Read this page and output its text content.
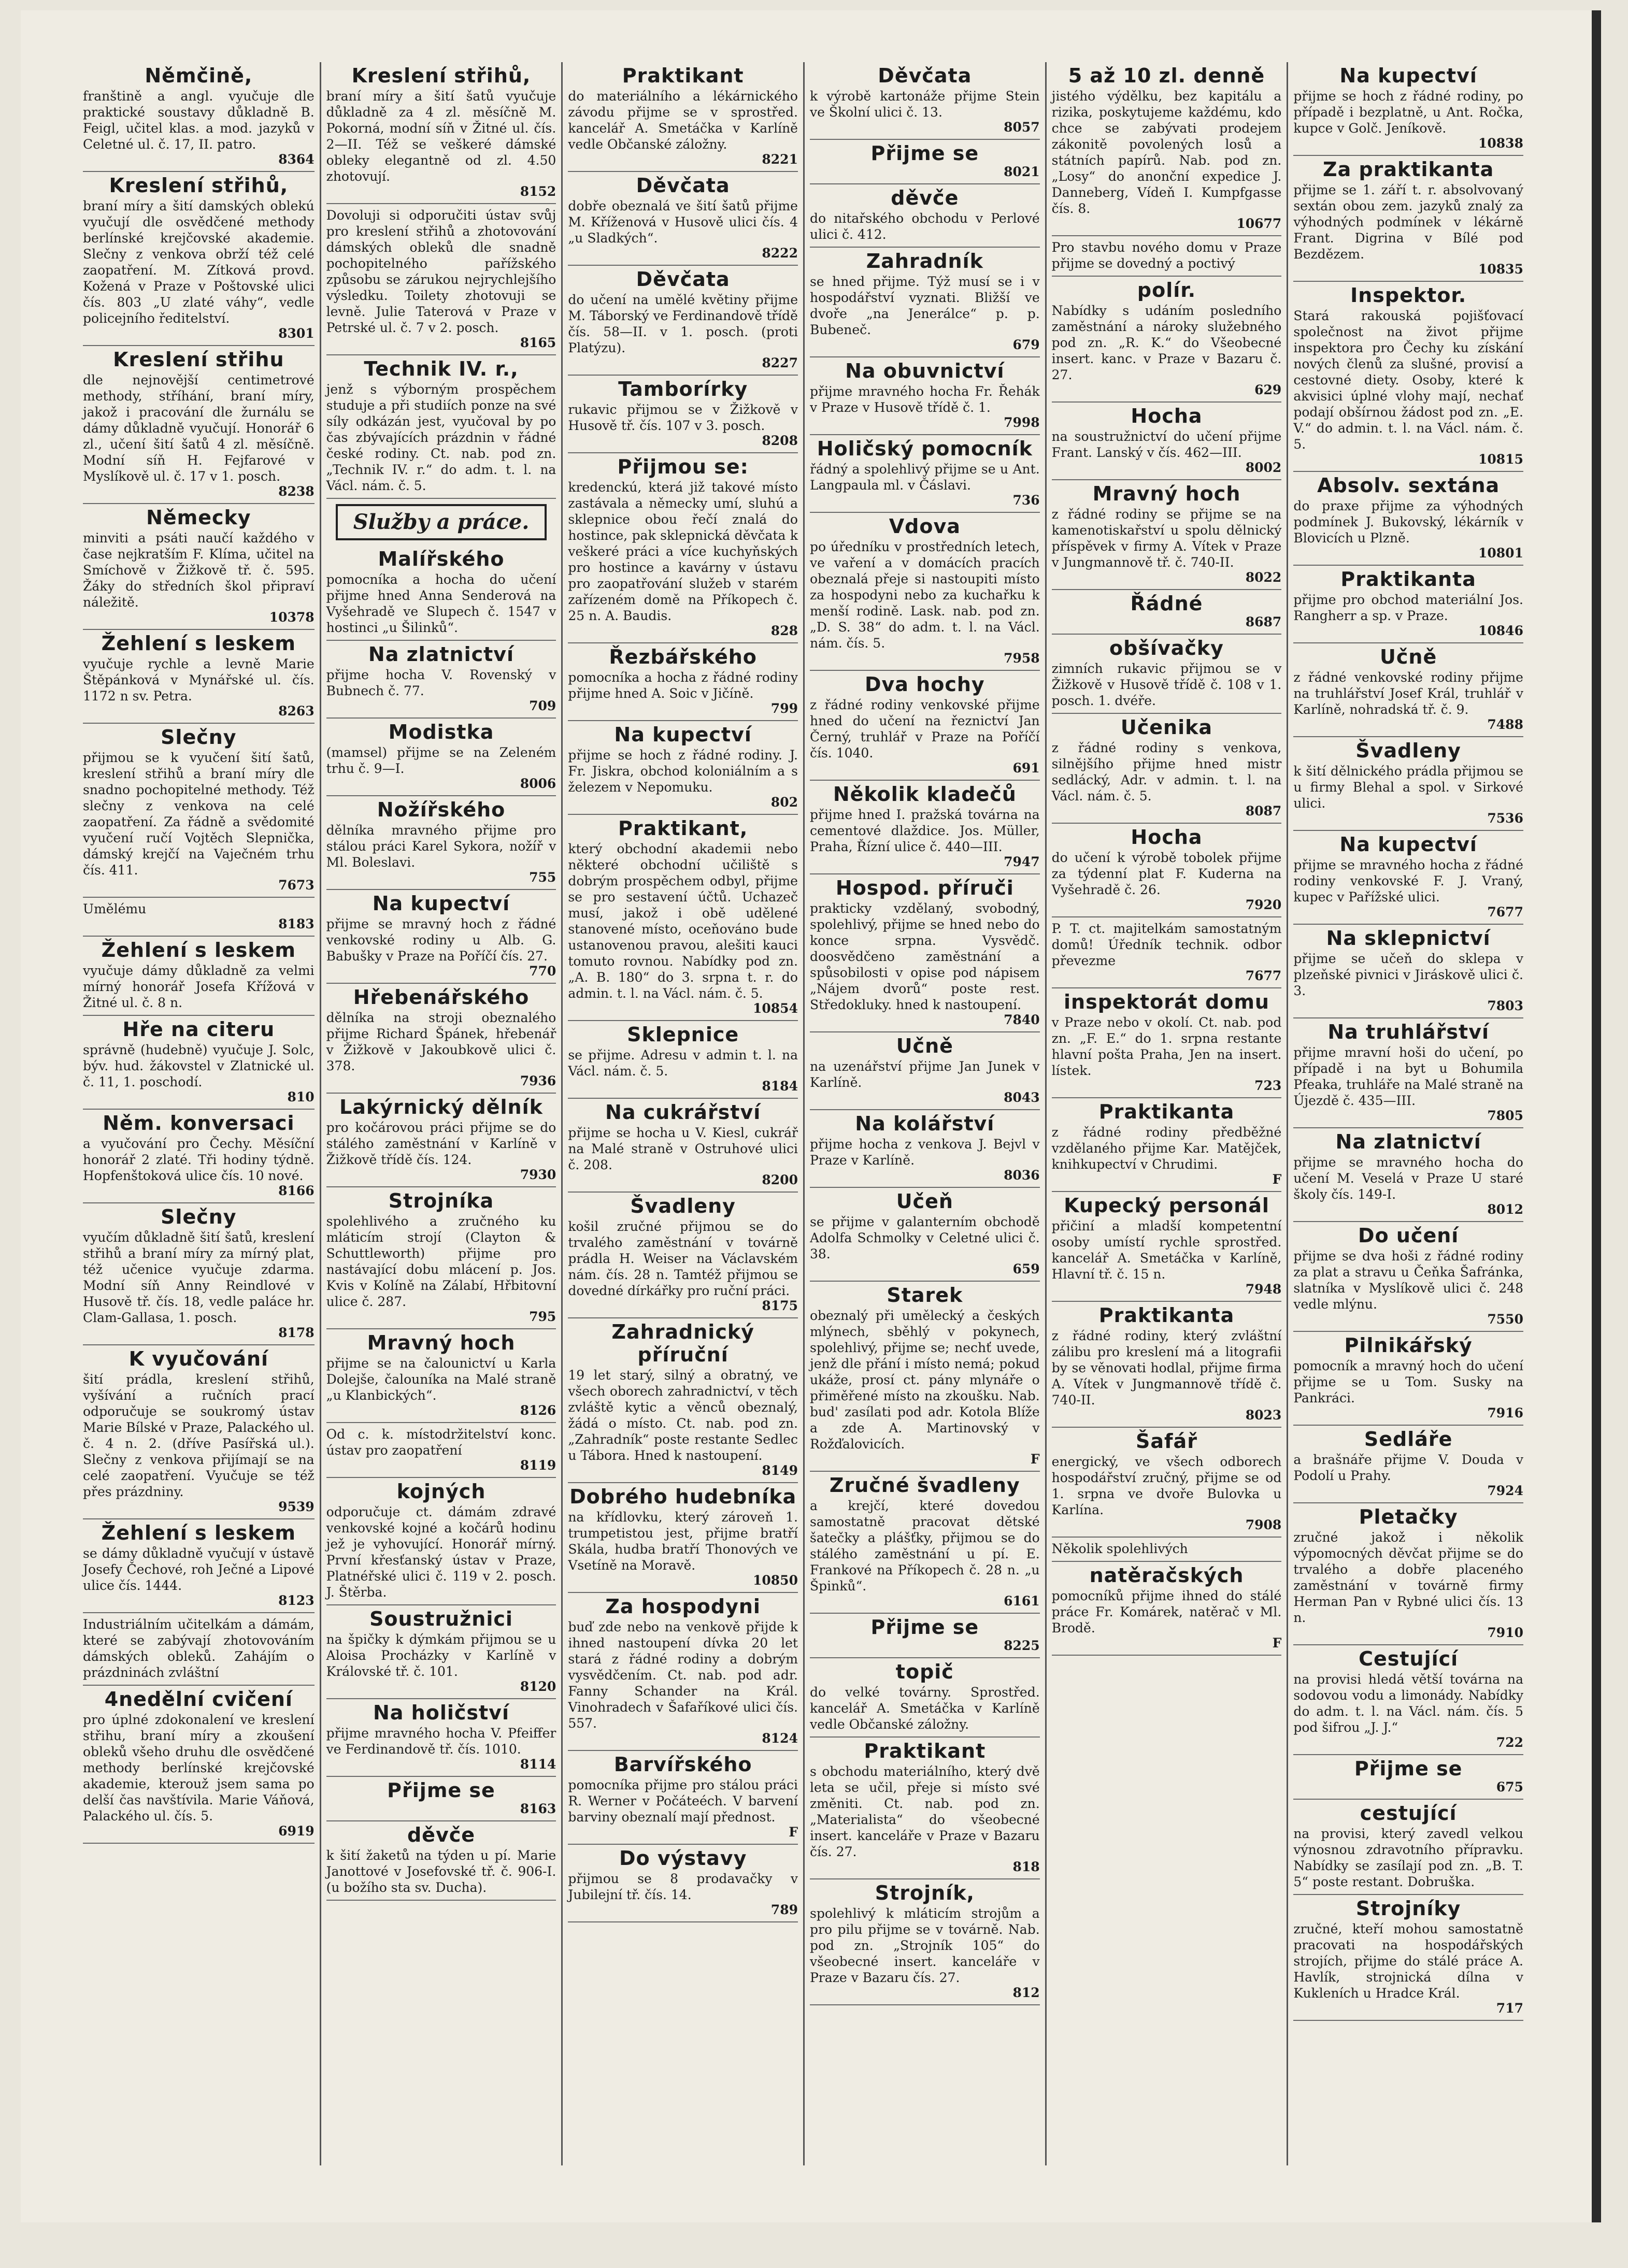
Němčině,

franštině a angl. vyučuje dle praktické soustavy důkladně B. Feigl, učitel klas. a mod. jazyků v Celetné ul. č. 17, II. patro.

8364
Kreslení střihů,

braní míry a šití damských oblekú vyučují dle osvědčené methody berlínské krejčovské akademie. Slečny z venkova obrží též celé zaopatření. M. Zítková provd. Kožená v Praze v Poštovské ulici čís. 803 „U zlaté váhy“, vedle policejního ředitelství.

8301
Kreslení střihu

dle nejnovější centimetrové methody, stříhání, braní míry, jakož i pracování dle žurnálu se dámy důkladně vyučují. Honorář 6 zl., učení šití šatů 4 zl. měsíčně. Modní síň H. Fejfarové v Myslíkově ul. č. 17 v 1. posch.

8238
Německy

minviti a psáti naučí každého v čase nejkratším F. Klíma, učitel na Smíchově v Žižkově tř. č. 595. Žáky do středních škol připraví náležitě.

10378
Žehlení s leskem

vyučuje rychle a levně Marie Štěpánková v Mynářské ul. čís. 1172 n sv. Petra.

8263
Slečny

přijmou se k vyučení šití šatů, kreslení střihů a braní míry dle snadno pochopitelné methody. Též slečny z venkova na celé zaopatření. Za řádně a svědomité vyučení ručí Vojtěch Slepnička, dámský krejčí na Vaječném trhu čís. 411.

7673

Umělému

8183
Žehlení s leskem

vyučuje dámy důkladně za velmi mírný honorář Josefa Křížová v Žitné ul. č. 8 n.

Hře na citeru

správně (hudebně) vyučuje J. Solc, býv. hud. žákovstel v Zlatnické ul. č. 11, 1. poschodí.

810
Něm. konversaci

a vyučování pro Čechy. Měsíční honorář 2 zlaté. Tři hodiny týdně. Hopfenštoková ulice čís. 10 nové.

8166
Slečny

vyučím důkladně šití šatů, kreslení střihů a braní míry za mírný plat, též učenice vyučuje zdarma. Modní síň Anny Reindlové v Husově tř. čís. 18, vedle paláce hr. Clam-Gallasa, 1. posch.

8178
K vyučování

šití prádla, kreslení střihů, vyšívání a ručních prací odporučuje se soukromý ústav Marie Bílské v Praze, Palackého ul. č. 4 n. 2. (dříve Pasířská ul.). Slečny z venkova přijímají se na celé zaopatření. Vyučuje se též přes prázdniny.

9539
Žehlení s leskem

se dámy důkladně vyučují v ústavě Josefy Čechové, roh Ječné a Lipové ulice čís. 1444.

8123

Industriálním učitelkám a dámám, které se zabývají zhotovováním dámských obleků. Zahájím o prázdninách zvláštní

4nedělní cvičení

pro úplné zdokonalení ve kreslení střihu, braní míry a zkoušení obleků všeho druhu dle osvědčené methody berlínské krejčovské akademie, kterouž jsem sama po delší čas navštívila. Marie Váňová, Palackého ul. čís. 5.

6919
Kreslení střihů,

braní míry a šití šatů vyučuje důkladně za 4 zl. měsíčně M. Pokorná, modní síň v Žitné ul. čís. 2—II. Též se veškeré dámské obleky elegantně od zl. 4.50 zhotovují.

8152

Dovoluji si odporučiti ústav svůj pro kreslení střihů a zhotovování dámských obleků dle snadně pochopitelného pařížského způsobu se zárukou nejrychlejšího výsledku. Toilety zhotovuji se levně. Julie Taterová v Praze v Petrské ul. č. 7 v 2. posch.

8165
Technik IV. r.,

jenž s výborným prospěchem studuje a při studiích ponze na své síly odkázán jest, vyučoval by po čas zbývajících prázdnin v řádné české rodiny. Ct. nab. pod zn. „Technik IV. r.“ do adm. t. l. na Václ. nám. č. 5.

Služby a práce.
Malířského

pomocníka a hocha do učení přijme hned Anna Senderová na Vyšehradě ve Slupech č. 1547 v hostinci „u Šilinků“.

Na zlatnictví

přijme hocha V. Rovenský v Bubnech č. 77.

709
Modistka

(mamsel) přijme se na Zeleném trhu č. 9—I.

8006
Nožířského

dělníka mravného přijme pro stálou práci Karel Sykora, nožíř v Ml. Boleslavi.

755
Na kupectví

přijme se mravný hoch z řádné venkovské rodiny u Alb. G. Babušky v Praze na Poříčí čís. 27.

770
Hřebenářského

dělníka na stroji obeznalého přijme Richard Špánek, hřebenář v Žižkově v Jakoubkově ulici č. 378.

7936
Lakýrnický dělník

pro kočárovou práci přijme se do stálého zaměstnání v Karlíně v Žižkově třídě čís. 124.

7930
Strojníka

spolehlivého a zručného ku mláticím strojí (Clayton & Schuttleworth) přijme pro nastávající dobu mlácení p. Jos. Kvis v Kolíně na Zálabí, Hřbitovní ulice č. 287.

795
Mravný hoch

přijme se na čalounictví u Karla Dolejše, čalouníka na Malé straně „u Klanbických“.

8126

Od c. k. místodržitelství konc. ústav pro zaopatření

8119
kojných

odporučuje ct. dámám zdravé venkovské kojné a kočárů hodinu jež je vyhovující. Honorář mírný. První křesťanský ústav v Praze, Platnéřské ulici č. 119 v 2. posch. J. Štěrba.

Soustružnici

na špičky k dýmkám přijmou se u Aloisa Procházky v Karlíně v Královské tř. č. 101.

8120
Na holičství

přijme mravného hocha V. Pfeiffer ve Ferdinandově tř. čís. 1010.

8114
Přijme se
8163
děvče

k šití žaketů na týden u pí. Marie Janottové v Josefovské tř. č. 906-I. (u božího sta sv. Ducha).

Praktikant

do materiálního a lékárnického závodu přijme se v sprostřed. kancelář A. Smetáčka v Karlíně vedle Občanské záložny.

8221
Děvčata

dobře obeznalá ve šití šatů přijme M. Kříženová v Husově ulici čís. 4 „u Sladkých“.

8222
Děvčata

do učení na umělé květiny přijme M. Táborský ve Ferdinandově třídě čís. 58—II. v 1. posch. (proti Platýzu).

8227
Tamborírky

rukavic přijmou se v Žižkově v Husově tř. čís. 107 v 3. posch.

8208
Přijmou se:

kredenckú, která již takové místo zastávala a německy umí, sluhú a sklepnice obou řečí znalá do hostince, pak sklepnická děvčata k veškeré práci a více kuchyňských pro hostince a kavárny v ústavu pro zaopatřování služeb v starém zařízeném domě na Příkopech č. 25 n. A. Baudis.

828
Řezbářského

pomocníka a hocha z řádné rodiny přijme hned A. Soic v Jičíně.

799
Na kupectví

přijme se hoch z řádné rodiny. J. Fr. Jiskra, obchod koloniálním a s železem v Nepomuku.

802
Praktikant,

který obchodní akademii nebo některé obchodní učiliště s dobrým prospěchem odbyl, přijme se pro sestavení účtů. Uchazeč musí, jakož i obě udělené stanovené místo, oceňováno bude ustanovenou pravou, alešiti kauci tomuto rovnou. Nabídky pod zn. „A. B. 180“ do 3. srpna t. r. do admin. t. l. na Václ. nám. č. 5.

10854
Sklepnice

se přijme. Adresu v admin t. l. na Václ. nám. č. 5.

8184
Na cukrářství

přijme se hocha u V. Kiesl, cukrář na Malé straně v Ostruhové ulici č. 208.

8200
Švadleny

košil zručné přijmou se do trvalého zaměstnání v továrně prádla H. Weiser na Václavském nám. čís. 28 n. Tamtéž přijmou se dovedné dírkářky pro ruční práci.

8175
Zahradnický příruční

19 let starý, silný a obratný, ve všech oborech zahradnictví, v těch zvláště kytic a věnců obeznalý, žádá o místo. Ct. nab. pod zn. „Zahradník“ poste restante Sedlec u Tábora. Hned k nastoupení.

8149
Dobrého hudebníka

na křídlovku, který zároveň 1. trumpetistou jest, přijme bratří Skála, hudba bratří Thonových ve Vsetíně na Moravě.

10850
Za hospodyni

buď zde nebo na venkově přijde k ihned nastoupení dívka 20 let stará z řádné rodiny a dobrým vysvědčením. Ct. nab. pod adr. Fanny Schander na Král. Vinohradech v Šafaříkové ulici čís. 557.

8124
Barvířského

pomocníka přijme pro stálou práci R. Werner v Počáteéch. V barvení barviny obeznalí mají přednost.

F
Do výstavy

přijmou se 8 prodavačky v Jubilejní tř. čís. 14.

789
Děvčata

k výrobě kartonáže přijme Stein ve Školní ulici č. 13.

8057
Přijme se
8021
děvče

do nitařského obchodu v Perlové ulici č. 412.

Zahradník

se hned přijme. Týž musí se i v hospodářství vyznati. Bližší ve dvoře „na Jenerálce“ p. p. Bubeneč.

679
Na obuvnictví

přijme mravného hocha Fr. Řehák v Praze v Husově třídě č. 1.

7998
Holičský pomocník

řádný a spolehlivý přijme se u Ant. Langpaula ml. v Čáslavi.

736
Vdova

po úředníku v prostředních letech, ve vaření a v domácích pracích obeznalá přeje si nastoupiti místo za hospodyni nebo za kuchařku k menší rodině. Lask. nab. pod zn. „D. S. 38“ do adm. t. l. na Václ. nám. čís. 5.

7958
Dva hochy

z řádné rodiny venkovské přijme hned do učení na řeznictví Jan Černý, truhlář v Praze na Poříčí čís. 1040.

691
Několik kladečů

přijme hned I. pražská továrna na cementové dlaždice. Jos. Müller, Praha, Řízní ulice č. 440—III.

7947
Hospod. příruči

prakticky vzdělaný, svobodný, spolehlivý, přijme se hned nebo do konce srpna. Vysvědč. doosvědčeno zaměstnání a spůsobilosti v opise pod nápisem „Nájem dvorů“ poste rest. Středokluky. hned k nastoupení.

7840
Učně

na uzenářství přijme Jan Junek v Karlíně.

8043
Na kolářství

přijme hocha z venkova J. Bejvl v Praze v Karlíně.

8036
Učeň

se přijme v galanterním obchodě Adolfa Schmolky v Celetné ulici č. 38.

659
Starek

obeznalý při umělecký a českých mlýnech, sběhlý v pokynech, spolehlivý, přijme se; nechť uvede, jenž dle přání i místo nemá; pokud ukáže, prosí ct. pány mlynáře o přiměřené místo na zkoušku. Nab. bud' zasílati pod adr. Kotola Blíže a zde A. Martinovský v Rožďalovicích.

F
Zručné švadleny

a krejčí, které dovedou samostatně pracovat dětské šatečky a plášťky, přijmou se do stálého zaměstnání u pí. E. Frankové na Příkopech č. 28 n. „u Špinků“.

6161
Přijme se
8225
topič

do velké továrny. Sprostřed. kancelář A. Smetáčka v Karlíně vedle Občanské záložny.

Praktikant

s obchodu materiálního, který dvě leta se učil, přeje si místo své změniti. Ct. nab. pod zn. „Materialista“ do všeobecné insert. kanceláře v Praze v Bazaru čís. 27.

818
Strojník,

spolehlivý k mláticím strojům a pro pilu přijme se v továrně. Nab. pod zn. „Strojník 105“ do všeobecné insert. kanceláře v Praze v Bazaru čís. 27.

812
5 až 10 zl. denně

jistého výdělku, bez kapitálu a rizika, poskytujeme každému, kdo chce se zabývati prodejem zákonitě povolených losů a státních papírů. Nab. pod zn. „Losy“ do anonční expedice J. Danneberg, Vídeň I. Kumpfgasse čís. 8.

10677

Pro stavbu nového domu v Praze přijme se dovedný a poctivý

polír.

Nabídky s udáním posledního zaměstnání a nároky služebného pod zn. „R. K.“ do Všeobecné insert. kanc. v Praze v Bazaru č. 27.

629
Hocha

na soustružnictví do učení přijme Frant. Lanský v čís. 462—III.

8002
Mravný hoch

z řádné rodiny se přijme se na kamenotiskařství u spolu dělnický příspěvek v firmy A. Vítek v Praze v Jungmannově tř. č. 740-II.

8022
Řádné
8687
obšívačky

zimních rukavic přijmou se v Žižkově v Husově třídě č. 108 v 1. posch. 1. dvéře.

Učenika

z řádné rodiny s venkova, silnějšího přijme hned mistr sedlácký, Adr. v admin. t. l. na Václ. nám. č. 5.

8087
Hocha

do učení k výrobě tobolek přijme za týdenní plat F. Kuderna na Vyšehradě č. 26.

7920

P. T. ct. majitelkám samostatným domů! Úředník technik. odbor převezme

7677
inspektorát domu

v Praze nebo v okolí. Ct. nab. pod zn. „F. E.“ do 1. srpna restante hlavní pošta Praha, Jen na insert. lístek.

723
Praktikanta

z řádné rodiny předběžné vzdělaného přijme Kar. Matějček, knihkupectví v Chrudimi.

F
Kupecký personál

přičiní a mladší kompetentní osoby umístí rychle sprostřed. kancelář A. Smetáčka v Karlíně, Hlavní tř. č. 15 n.

7948
Praktikanta

z řádné rodiny, který zvláštní zálibu pro kreslení má a litografii by se věnovati hodlal, přijme firma A. Vítek v Jungmannově třídě č. 740-II.

8023
Šafář

energický, ve všech odborech hospodářství zručný, přijme se od 1. srpna ve dvoře Bulovka u Karlína.

7908

Několik spolehlivých

natěračských

pomocníků přijme ihned do stálé práce Fr. Komárek, natěrač v Ml. Brodě.

F
Na kupectví

přijme se hoch z řádné rodiny, po případě i bezplatně, u Ant. Ročka, kupce v Golč. Jeníkově.

10838
Za praktikanta

přijme se 1. září t. r. absolvovaný sextán obou zem. jazyků znalý za výhodných podmínek v lékárně Frant. Digrina v Bílé pod Bezdězem.

10835
Inspektor.

Stará rakouská pojišťovací společnost na život přijme inspektora pro Čechy ku získání nových členů za slušné, provisí a cestovné diety. Osoby, které k akvisici úplné vlohy mají, nechať podají obšírnou žádost pod zn. „E. V.“ do admin. t. l. na Václ. nám. č. 5.

10815
Absolv. sextána

do praxe přijme za výhodných podmínek J. Bukovský, lékárník v Blovicích u Plzně.

10801
Praktikanta

přijme pro obchod materiální Jos. Rangherr a sp. v Praze.

10846
Učně

z řádné venkovské rodiny přijme na truhlářství Josef Král, truhlář v Karlíně, nohradská tř. č. 9.

7488
Švadleny

k šití dělnického prádla přijmou se u firmy Blehal a spol. v Sirkové ulici.

7536
Na kupectví

přijme se mravného hocha z řádné rodiny venkovské F. J. Vraný, kupec v Pařížské ulici.

7677
Na sklepnictví

přijme se učeň do sklepa v plzeňské pivnici v Jiráskově ulici č. 3.

7803
Na truhlářství

přijme mravní hoši do učení, po případě i na byt u Bohumila Pfeaka, truhláře na Malé straně na Újezdě č. 435—III.

7805
Na zlatnictví

přijme se mravného hocha do učení M. Veselá v Praze U staré školy čís. 149-I.

8012
Do učení

přijme se dva hoši z řádné rodiny za plat a stravu u Čeňka Šafránka, slatníka v Myslíkově ulici č. 248 vedle mlýnu.

7550
Pilnikářský

pomocník a mravný hoch do učení přijme se u Tom. Susky na Pankráci.

7916
Sedláře

a brašnáře přijme V. Douda v Podolí u Prahy.

7924
Pletačky

zručné jakož i několik výpomocných děvčat přijme se do trvalého a dobře placeného zaměstnání v továrně firmy Herman Pan v Rybné ulici čís. 13 n.

7910
Cestující

na provisi hledá větší továrna na sodovou vodu a limonády. Nabídky do adm. t. l. na Václ. nám. čís. 5 pod šifrou „J. J.“

722
Přijme se
675
cestující

na provisi, který zavedl velkou výnosnou zdravotního přípravku. Nabídky se zasílají pod zn. „B. T. 5“ poste restant. Dobruška.

Strojníky

zručné, kteří mohou samostatně pracovati na hospodářských strojích, přijme do stálé práce A. Havlík, strojnická dílna v Kukleních u Hradce Král.

717
